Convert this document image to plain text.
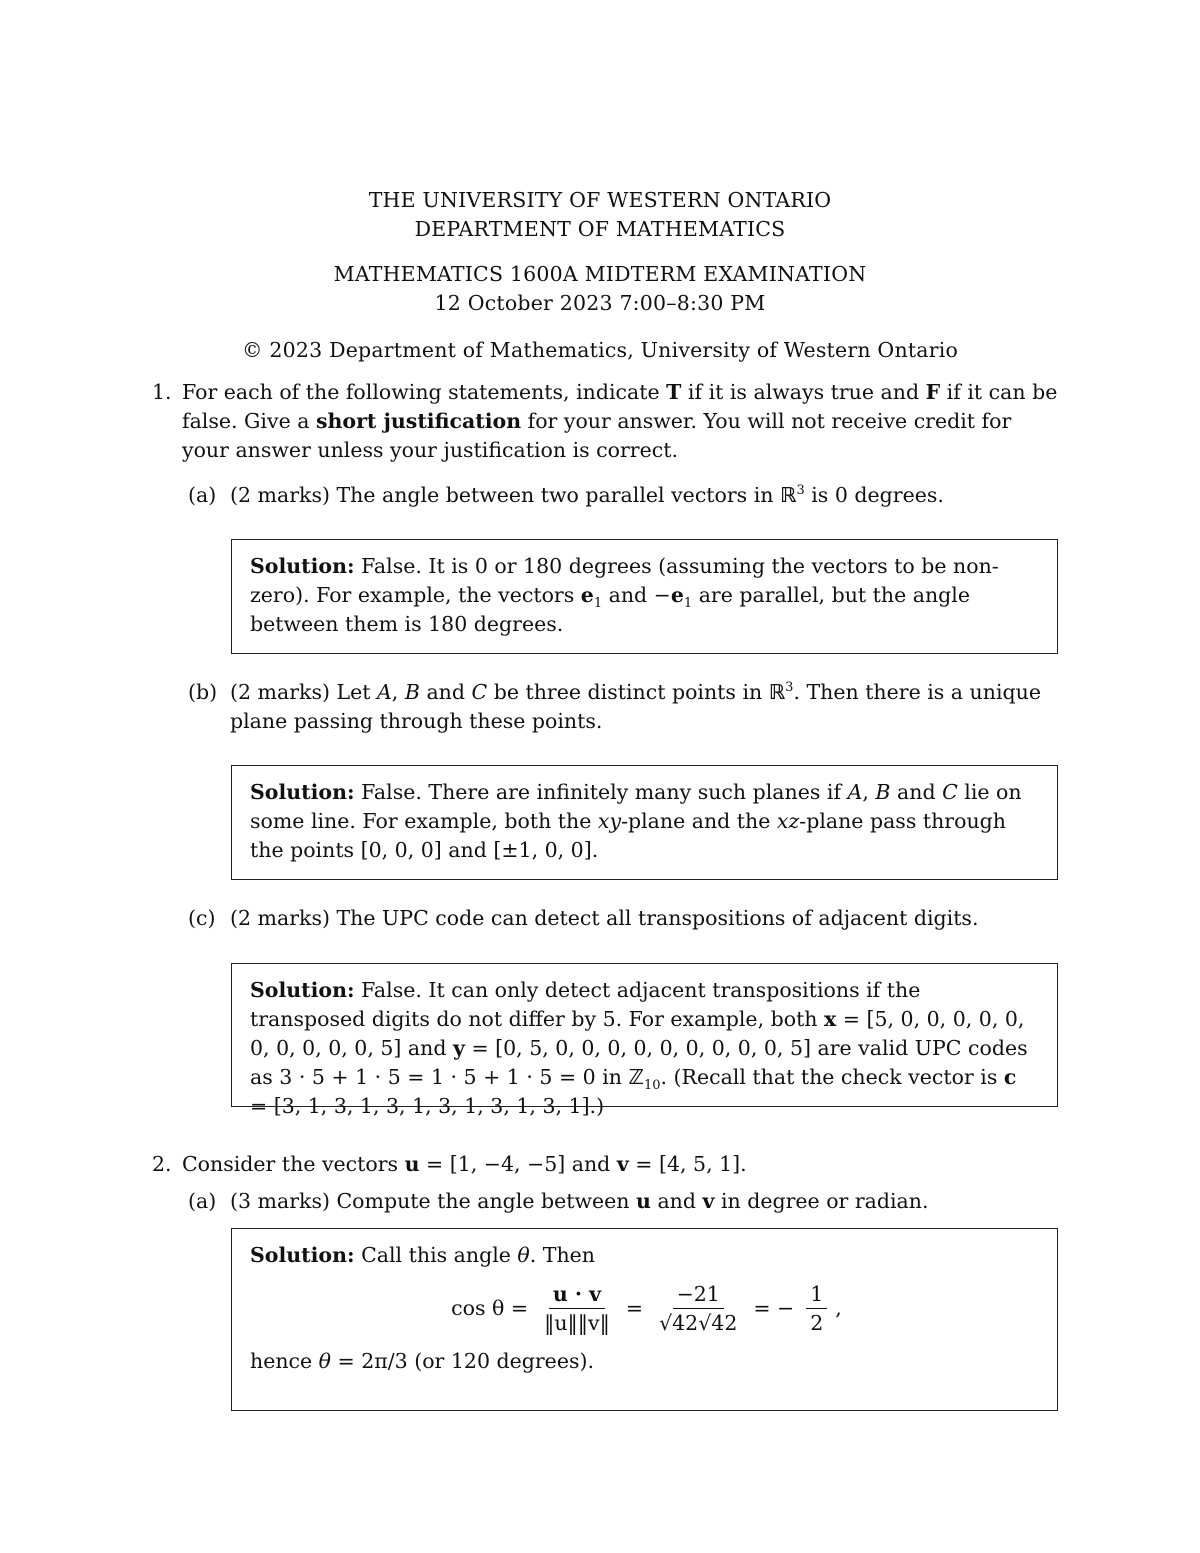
THE UNIVERSITY OF WESTERN ONTARIO
DEPARTMENT OF MATHEMATICS
MATHEMATICS 1600A MIDTERM EXAMINATION
12 October 2023 7:00–8:30 PM
© 2023 Department of Mathematics, University of Western Ontario
1. For each of the following statements, indicate T if it is always true and F if it can be false. Give a short justification for your answer. You will not receive credit for your answer unless your justification is correct.
(a) (2 marks) The angle between two parallel vectors in ℝ$^3$ is 0 degrees.
Solution: False. It is 0 or 180 degrees (assuming the vectors to be non-zero). For example, the vectors $e_1$ and $-e_1$ are parallel, but the angle between them is 180 degrees.
(b) (2 marks) Let A, B and C be three distinct points in ℝ$^3$. Then there is a unique plane passing through these points.
Solution: False. There are infinitely many such planes if A, B and C lie on some line. For example, both the xy-plane and the xz-plane pass through the points [0, 0, 0] and [±1, 0, 0].
(c) (2 marks) The UPC code can detect all transpositions of adjacent digits.
Solution: False. It can only detect adjacent transpositions if the transposed digits do not differ by 5. For example, both x = [5, 0, 0, 0, 0, 0, 0, 0, 0, 0, 0, 5] and y = [0, 5, 0, 0, 0, 0, 0, 0, 0, 0, 0, 5] are valid UPC codes as 3 · 5 + 1 · 5 = 1 · 5 + 1 · 5 = 0 in ℤ$_{10}$. (Recall that the check vector is c = [3, 1, 3, 1, 3, 1, 3, 1, 3, 1, 3, 1].)
2. Consider the vectors u = [1, −4, −5] and v = [4, 5, 1].
(a) (3 marks) Compute the angle between u and v in degree or radian.
Solution: Call this angle θ. Then
$\cos \theta = \frac{u \cdot v}{‖u‖‖v‖} = \frac{-21}{√42√42}$ = − $\frac{1}{2}$ ,
hence θ = 2π/3 (or 120 degrees).
